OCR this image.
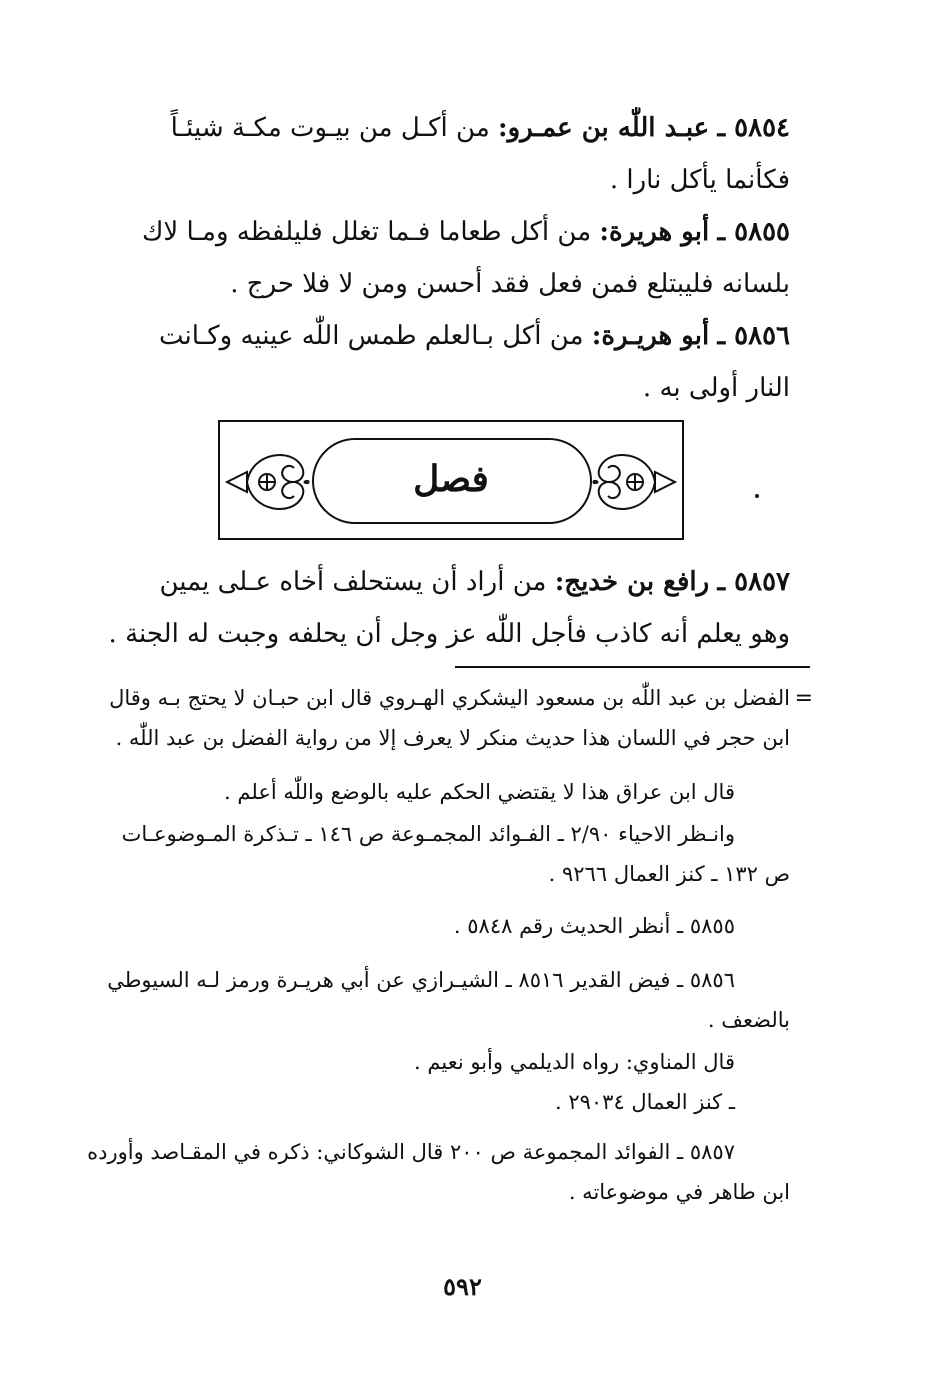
٥٨٥٤ ـ عبـد اللّٰه بن عمـرو: من أكـل من بيـوت مكـة شيئـاً
فكأنما يأكل نارا .
٥٨٥٥ ـ أبو هريرة: من أكل طعاما فـما تغلل فليلفظه ومـا لاك
بلسانه فليبتلع فمن فعل فقد أحسن ومن لا فلا حرج .
٥٨٥٦ ـ أبو هريـرة: من أكل بـالعلم طمس اللّٰه عينيه وكـانت
النار أولى به .
فصل
٥٨٥٧ ـ رافع بن خديج: من أراد أن يستحلف أخاه عـلى يمين
وهو يعلم أنه كاذب فأجل اللّٰه عز وجل أن يحلفه وجبت له الجنة .
=
الفضل بن عبد اللّٰه بن مسعود اليشكري الهـروي قال ابن حبـان لا يحتج بـه وقال
ابن حجر في اللسان هذا حديث منكر لا يعرف إلا من رواية الفضل بن عبد اللّٰه .
قال ابن عراق هذا لا يقتضي الحكم عليه بالوضع واللّٰه أعلم .
وانـظر الاحياء ٢/٩٠ ـ الفـوائد المجمـوعة ص ١٤٦ ـ تـذكرة المـوضوعـات
ص ١٣٢ ـ كنز العمال ٩٢٦٦ .
٥٨٥٥ ـ أنظر الحديث رقم ٥٨٤٨ .
٥٨٥٦ ـ فيض القدير ٨٥١٦ ـ الشيـرازي عن أبي هريـرة ورمز لـه السيوطي
بالضعف .
قال المناوي: رواه الديلمي وأبو نعيم .
ـ كنز العمال ٢٩٠٣٤ .
٥٨٥٧ ـ الفوائد المجموعة ص ٢٠٠ قال الشوكاني: ذكره في المقـاصد وأورده
ابن طاهر في موضوعاته .
٥٩٢
